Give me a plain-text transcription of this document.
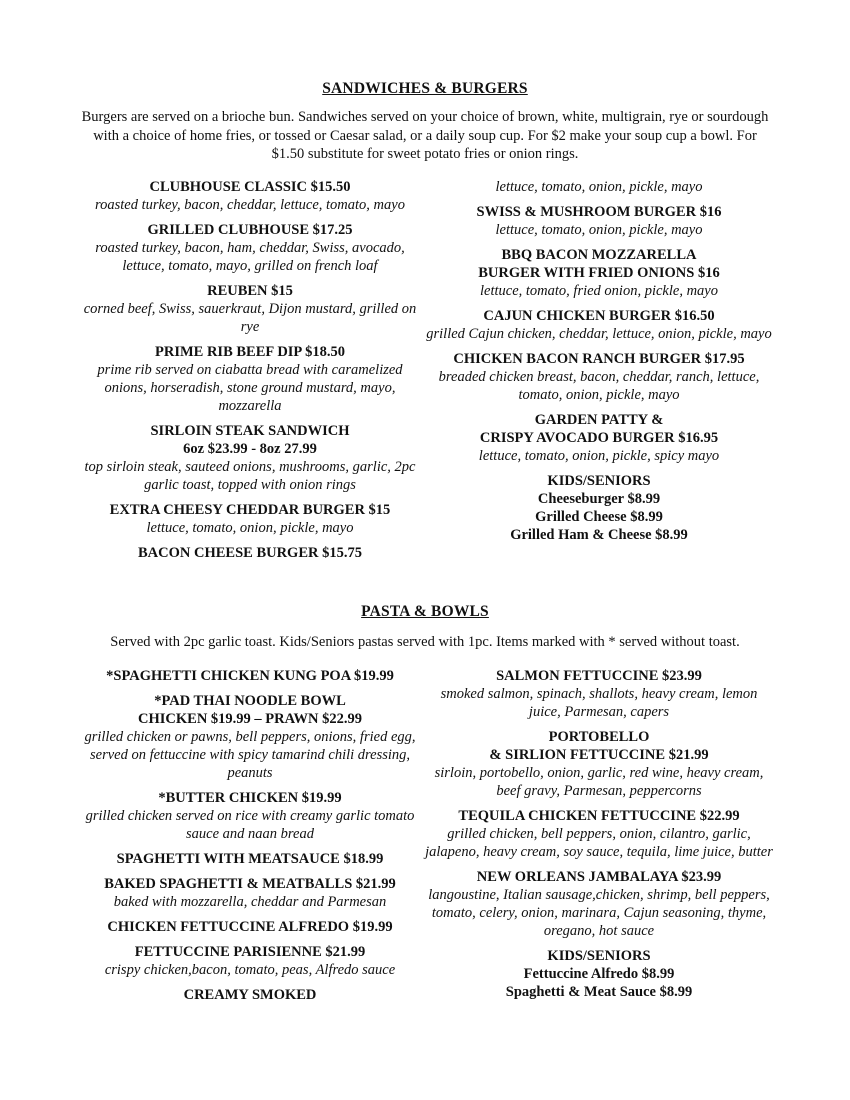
SANDWICHES & BURGERS
Burgers are served on a brioche bun. Sandwiches served on your choice of brown, white, multigrain, rye or sourdough with a choice of home fries, or tossed or Caesar salad, or a daily soup cup. For $2 make your soup cup a bowl. For $1.50 substitute for sweet potato fries or onion rings.
CLUBHOUSE CLASSIC $15.50
roasted turkey, bacon, cheddar, lettuce, tomato, mayo
GRILLED CLUBHOUSE $17.25
roasted turkey, bacon, ham, cheddar, Swiss, avocado, lettuce, tomato, mayo, grilled on french loaf
REUBEN $15
corned beef, Swiss, sauerkraut, Dijon mustard, grilled on rye
PRIME RIB BEEF DIP $18.50
prime rib served on ciabatta bread with caramelized onions, horseradish, stone ground mustard, mayo, mozzarella
SIRLOIN STEAK SANDWICH
6oz $23.99 - 8oz 27.99
top sirloin steak, sauteed onions, mushrooms, garlic, 2pc garlic toast, topped with onion rings
EXTRA CHEESY CHEDDAR BURGER $15
lettuce, tomato, onion, pickle, mayo
BACON CHEESE BURGER $15.75
lettuce, tomato, onion, pickle, mayo
SWISS & MUSHROOM BURGER $16
lettuce, tomato, onion, pickle, mayo
BBQ BACON MOZZARELLA
BURGER WITH FRIED ONIONS $16
lettuce, tomato, fried onion, pickle, mayo
CAJUN CHICKEN BURGER $16.50
grilled Cajun chicken, cheddar, lettuce, onion, pickle, mayo
CHICKEN BACON RANCH BURGER $17.95
breaded chicken breast, bacon, cheddar, ranch, lettuce, tomato, onion, pickle, mayo
GARDEN PATTY &
CRISPY AVOCADO BURGER $16.95
lettuce, tomato, onion, pickle, spicy mayo
KIDS/SENIORS
Cheeseburger $8.99
Grilled Cheese $8.99
Grilled Ham & Cheese $8.99
PASTA & BOWLS
Served with 2pc garlic toast. Kids/Seniors pastas served with 1pc. Items marked with * served without toast.
*SPAGHETTI CHICKEN KUNG POA $19.99
*PAD THAI NOODLE BOWL
CHICKEN $19.99 – PRAWN $22.99
grilled chicken or pawns, bell peppers, onions, fried egg, served on fettuccine with spicy tamarind chili dressing, peanuts
*BUTTER CHICKEN $19.99
grilled chicken served on rice with creamy garlic tomato sauce and naan bread
SPAGHETTI WITH MEATSAUCE $18.99
BAKED SPAGHETTI & MEATBALLS $21.99
baked with mozzarella, cheddar and Parmesan
CHICKEN FETTUCCINE ALFREDO $19.99
FETTUCCINE PARISIENNE $21.99
crispy chicken,bacon, tomato, peas, Alfredo sauce
CREAMY SMOKED
SALMON FETTUCCINE $23.99
smoked salmon, spinach, shallots, heavy cream, lemon juice, Parmesan, capers
PORTOBELLO
& SIRLION FETTUCCINE $21.99
sirloin, portobello, onion, garlic, red wine, heavy cream, beef gravy, Parmesan, peppercorns
TEQUILA CHICKEN FETTUCCINE $22.99
grilled chicken, bell peppers, onion, cilantro, garlic, jalapeno, heavy cream, soy sauce, tequila, lime juice, butter
NEW ORLEANS JAMBALAYA $23.99
langoustine, Italian sausage,chicken, shrimp, bell peppers, tomato, celery, onion, marinara, Cajun seasoning, thyme, oregano, hot sauce
KIDS/SENIORS
Fettuccine Alfredo $8.99
Spaghetti & Meat Sauce $8.99
